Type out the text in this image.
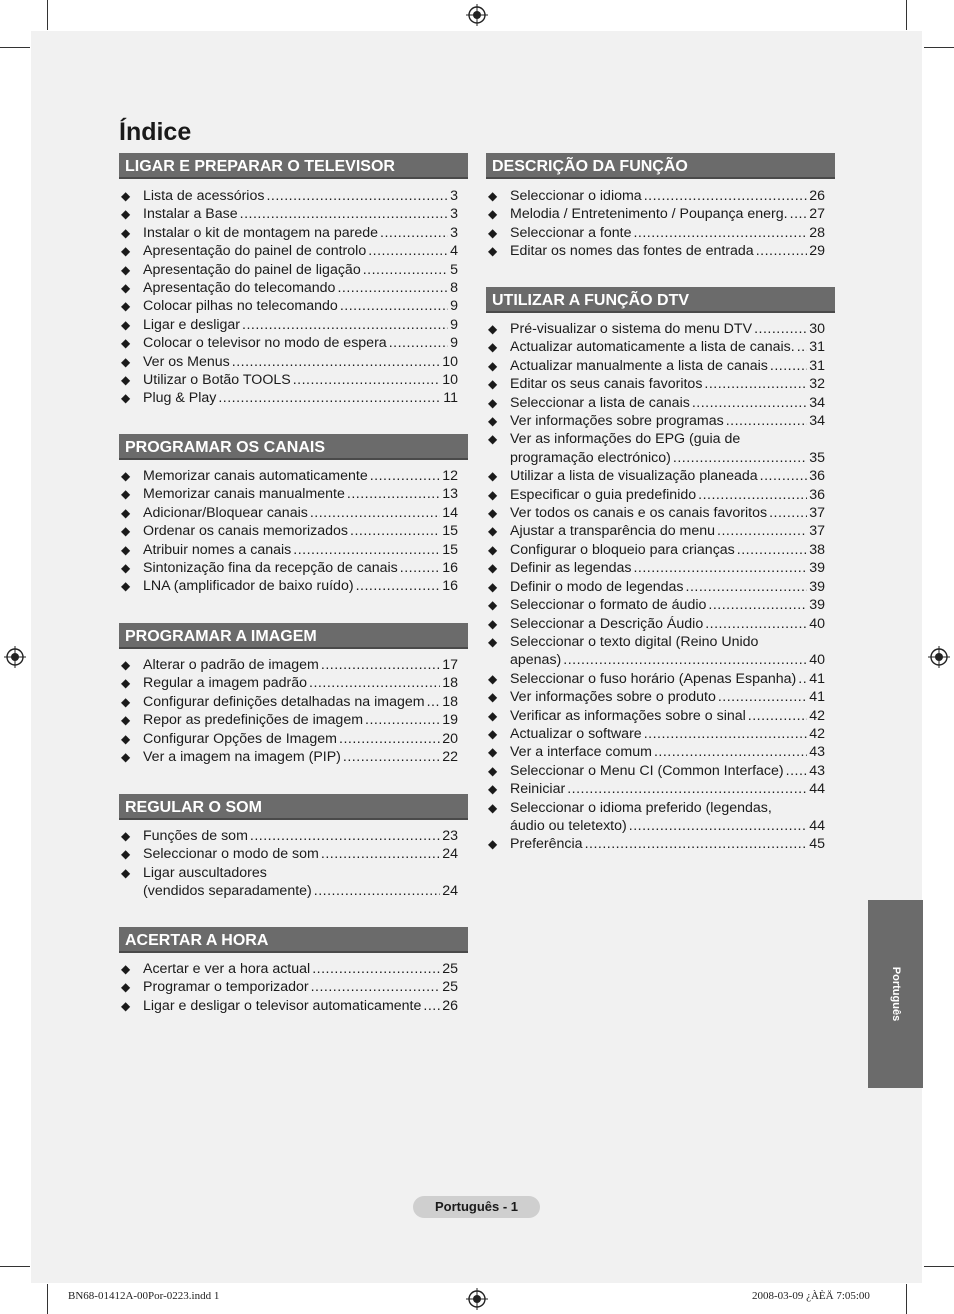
Índice
LIGAR E PREPARAR O TELEVISOR
◆ Lista de acessórios .....	3
◆ Instalar a Base .....	3
◆ Instalar o kit de montagem na parede .....	3
◆ Apresentação do painel de controlo .....	4
◆ Apresentação do painel de ligação .....	5
◆ Apresentação do telecomando .....	8
◆ Colocar pilhas no telecomando .....	9
◆ Ligar e desligar .....	9
◆ Colocar o televisor no modo de espera .....	9
◆ Ver os Menus .....	10
◆ Utilizar o Botão TOOLS .....	10
◆ Plug & Play .....	11
PROGRAMAR OS CANAIS
◆ Memorizar canais automaticamente .....	12
◆ Memorizar canais manualmente .....	13
◆ Adicionar/Bloquear canais .....	14
◆ Ordenar os canais memorizados .....	15
◆ Atribuir nomes a canais .....	15
◆ Sintonização fina da recepção de canais .....	16
◆ LNA (amplificador de baixo ruído) .....	16
PROGRAMAR A IMAGEM
◆ Alterar o padrão de imagem .....	17
◆ Regular a imagem padrão .....	18
◆ Configurar definições detalhadas na imagem ..... 18
◆ Repor as predefinições de imagem .....	19
◆ Configurar Opções de Imagem .....	20
◆ Ver a imagem na imagem (PIP) .....	22
REGULAR O SOM
◆ Funções de som .....	23
◆ Seleccionar o modo de som .....	24
◆ Ligar auscultadores
(vendidos separadamente) .....	24
ACERTAR A HORA
◆ Acertar e ver a hora actual .....	25
◆ Programar o temporizador .....	25
◆ Ligar e desligar o televisor automaticamente ..... 26
DESCRIÇÃO DA FUNÇÃO
◆ Seleccionar o idioma .....	26
◆ Melodia / Entretenimento / Poupança energ. ..... 27
◆ Seleccionar a fonte .....	28
◆ Editar os nomes das fontes de entrada .....	29
UTILIZAR A FUNÇÃO DTV
◆ Pré-visualizar o sistema do menu DTV .....	30
◆ Actualizar automaticamente a lista de canais. ..... 31
◆ Actualizar manualmente a lista de canais .....	31
◆ Editar os seus canais favoritos .....	32
◆ Seleccionar a lista de canais .....	34
◆ Ver informações sobre programas .....	34
◆ Ver as informações do EPG (guia de
programação electrónico) .....	35
◆ Utilizar a lista de visualização planeada .....	36
◆ Especificar o guia predefinido .....	36
◆ Ver todos os canais e os canais favoritos .....	37
◆ Ajustar a transparência do menu .....	37
◆ Configurar o bloqueio para crianças .....	38
◆ Definir as legendas .....	39
◆ Definir o modo de legendas .....	39
◆ Seleccionar o formato de áudio .....	39
◆ Seleccionar a Descrição Áudio .....	40
◆ Seleccionar o texto digital (Reino Unido
apenas) .....	40
◆ Seleccionar o fuso horário (Apenas Espanha) ..... 41
◆ Ver informações sobre o produto .....	41
◆ Verificar as informações sobre o sinal .....	42
◆ Actualizar o software .....	42
◆ Ver a interface comum .....	43
◆ Seleccionar o Menu CI (Common Interface) ..... 43
◆ Reiniciar .....	44
◆ Seleccionar o idioma preferido (legendas,
áudio ou teletexto) .....	44
◆ Preferência .....	45
Português
Português - 1
BN68-01412A-00Por-0223.indd 1	2008-03-09 ¿ÀÈÄ 7:05:00
